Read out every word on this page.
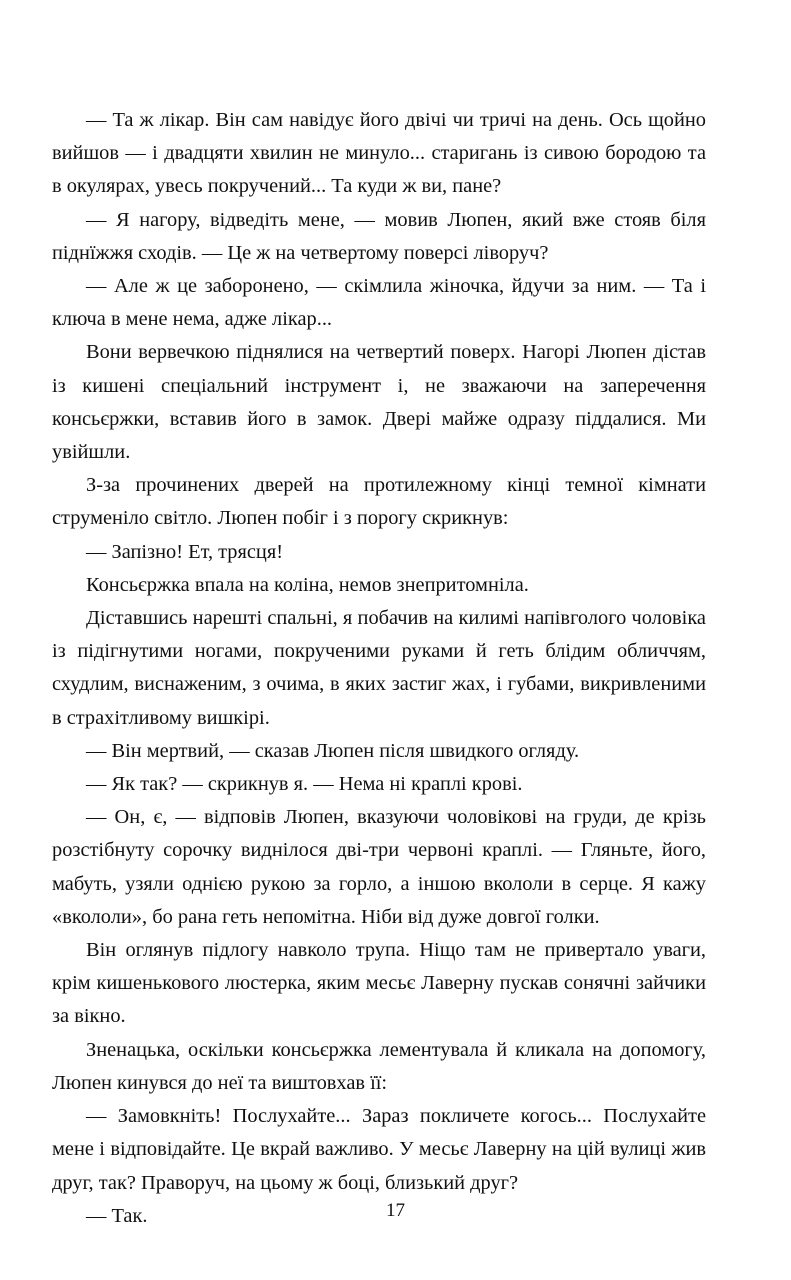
— Та ж лікар. Він сам навідує його двічі чи тричі на день. Ось щойно вийшов — і двадцяти хвилин не минуло... старигань із сивою бородою та в окулярах, увесь покручений... Та куди ж ви, пане?

— Я нагору, відведіть мене, — мовив Люпен, який вже стояв біля піднїжжя сходів. — Це ж на четвертому поверсі ліворуч?

— Але ж це заборонено, — скімлила жіночка, йдучи за ним. — Та і ключа в мене нема, адже лікар...

Вони вервечкою піднялися на четвертий поверх. Нагорі Люпен дістав із кишені спеціальний інструмент і, не зважаючи на заперечення консьєржки, вставив його в замок. Двері майже одразу піддалися. Ми увійшли.

З-за прочинених дверей на протилежному кінці темної кімнати струменіло світло. Люпен побіг і з порогу скрикнув:

— Запізно! Ет, трясця!

Консьєржка впала на коліна, немов знепритомніла.

Діставшись нарешті спальні, я побачив на килимі напівголого чоловіка із підігнутими ногами, покрученими руками й геть блідим обличчям, схудлим, виснаженим, з очима, в яких застиг жах, і губами, викривленими в страхітливому вишкірі.

— Він мертвий, — сказав Люпен після швидкого огляду.

— Як так? — скрикнув я. — Нема ні краплі крові.

— Он, є, — відповів Люпен, вказуючи чоловікові на груди, де крізь розстібнуту сорочку виднілося дві-три червоні краплі. — Гляньте, його, мабуть, узяли однією рукою за горло, а іншою вкололи в серце. Я кажу «вкололи», бо рана геть непомітна. Ніби від дуже довгої голки.

Він оглянув підлогу навколо трупа. Ніщо там не привертало уваги, крім кишенькового люстерка, яким месьє Лаверну пускав сонячні зайчики за вікно.

Зненацька, оскільки консьєржка лементувала й кликала на допомогу, Люпен кинувся до неї та виштовхав її:

— Замовкніть! Послухайте... Зараз покличете когось... Послухайте мене і відповідайте. Це вкрай важливо. У месьє Лаверну на цій вулиці жив друг, так? Праворуч, на цьому ж боці, близький друг?

— Так.	17
